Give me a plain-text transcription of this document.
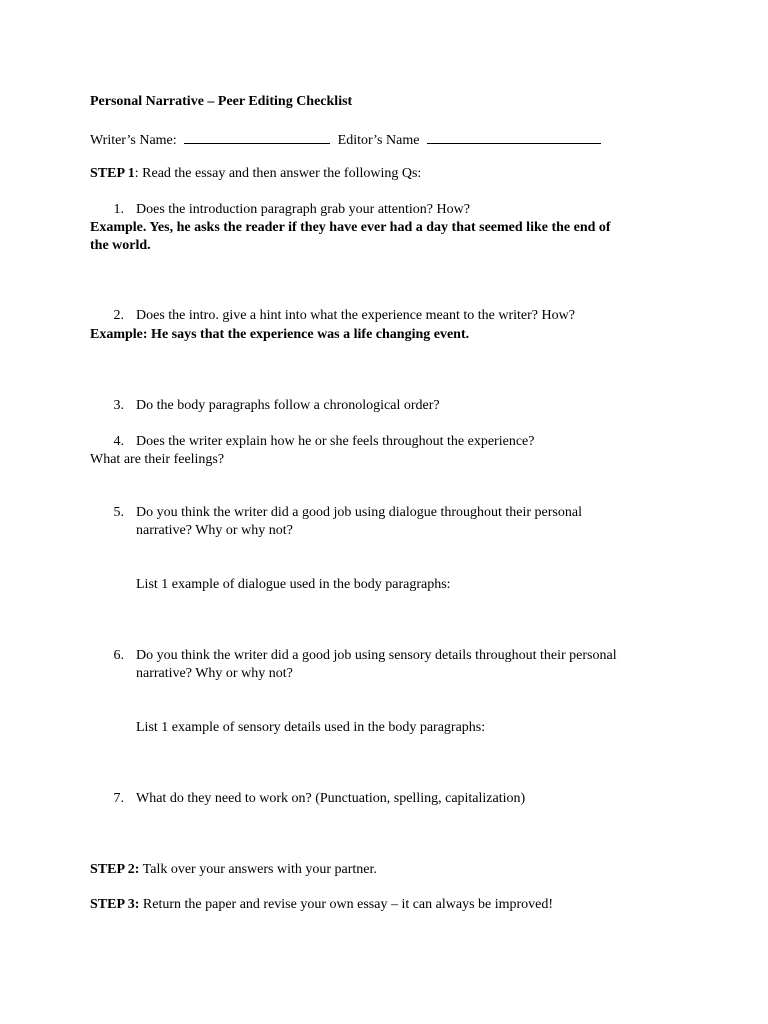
Personal Narrative – Peer Editing Checklist
Writer’s Name:	Editor’s Name
STEP 1: Read the essay and then answer the following Qs:
1. Does the introduction paragraph grab your attention? How?
Example. Yes, he asks the reader if they have ever had a day that seemed like the end of
the world.
2. Does the intro. give a hint into what the experience meant to the writer? How?
Example: He says that the experience was a life changing event.
3. Do the body paragraphs follow a chronological order?
4. Does the writer explain how he or she feels throughout the experience?
What are their feelings?
5. Do you think the writer did a good job using dialogue throughout their personal
narrative? Why or why not?
List 1 example of dialogue used in the body paragraphs:
6. Do you think the writer did a good job using sensory details throughout their personal
narrative? Why or why not?
List 1 example of sensory details used in the body paragraphs:
7. What do they need to work on? (Punctuation, spelling, capitalization)
STEP 2: Talk over your answers with your partner.
STEP 3: Return the paper and revise your own essay – it can always be improved!
